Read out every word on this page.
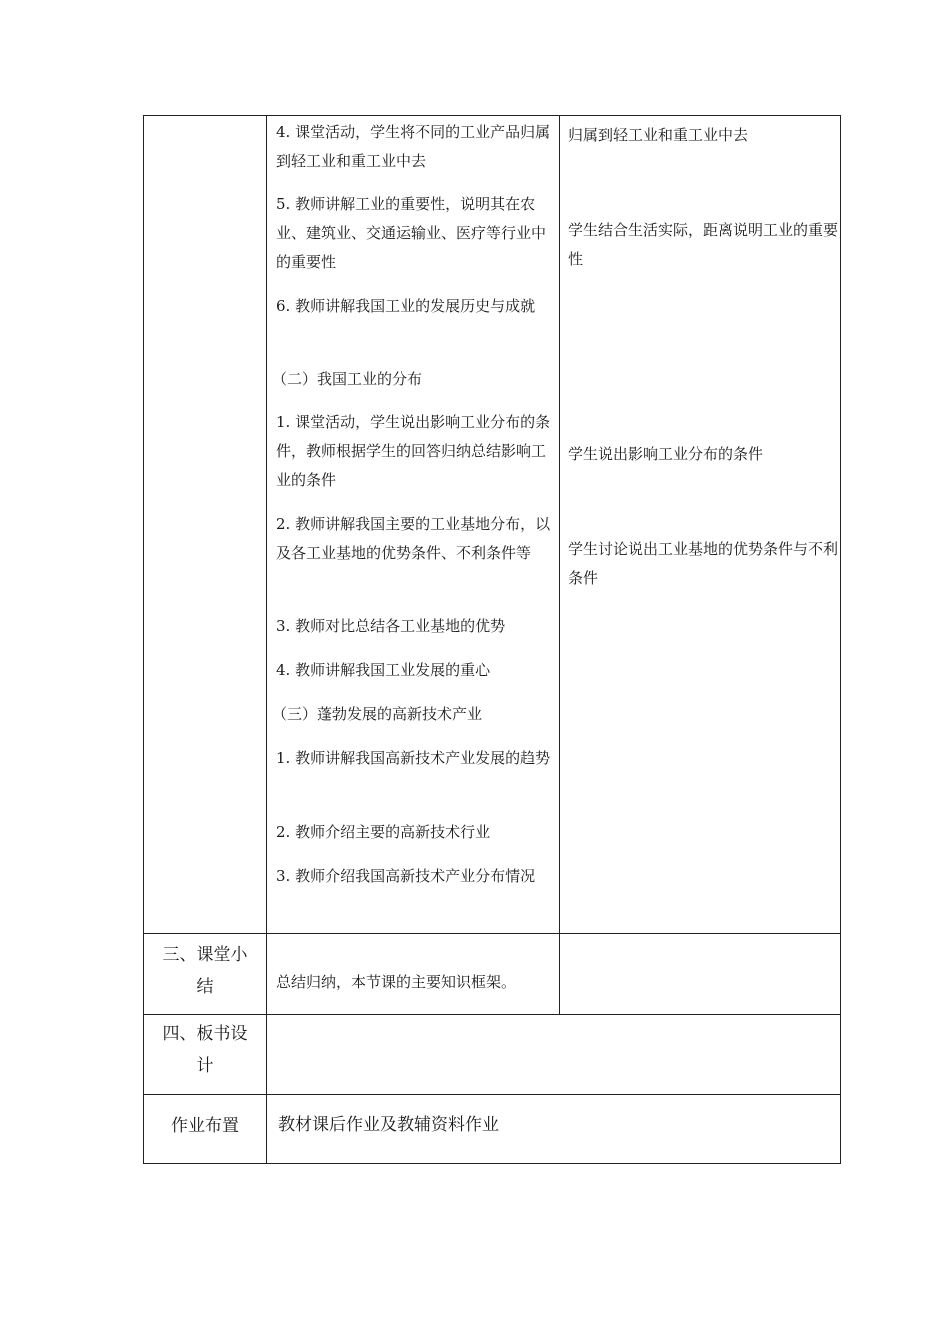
4. 课堂活动，学生将不同的工业产品归属到轻工业和重工业中去

5. 教师讲解工业的重要性，说明其在农业、建筑业、交通运输业、医疗等行业中的重要性

6. 教师讲解我国工业的发展历史与成就

（二）我国工业的分布

1. 课堂活动，学生说出影响工业分布的条件，教师根据学生的回答归纳总结影响工业的条件

2. 教师讲解我国主要的工业基地分布，以及各工业基地的优势条件、不利条件等

3. 教师对比总结各工业基地的优势

4. 教师讲解我国工业发展的重心

（三）蓬勃发展的高新技术产业

1. 教师讲解我国高新技术产业发展的趋势

2. 教师介绍主要的高新技术行业

3. 教师介绍我国高新技术产业分布情况

归属到轻工业和重工业中去

学生结合生活实际，距离说明工业的重要性

学生说出影响工业分布的条件

学生讨论说出工业基地的优势条件与不利条件

三、课堂小结	总结归纳，本节课的主要知识框架。

四、板书设计

作业布置	教材课后作业及教辅资料作业
